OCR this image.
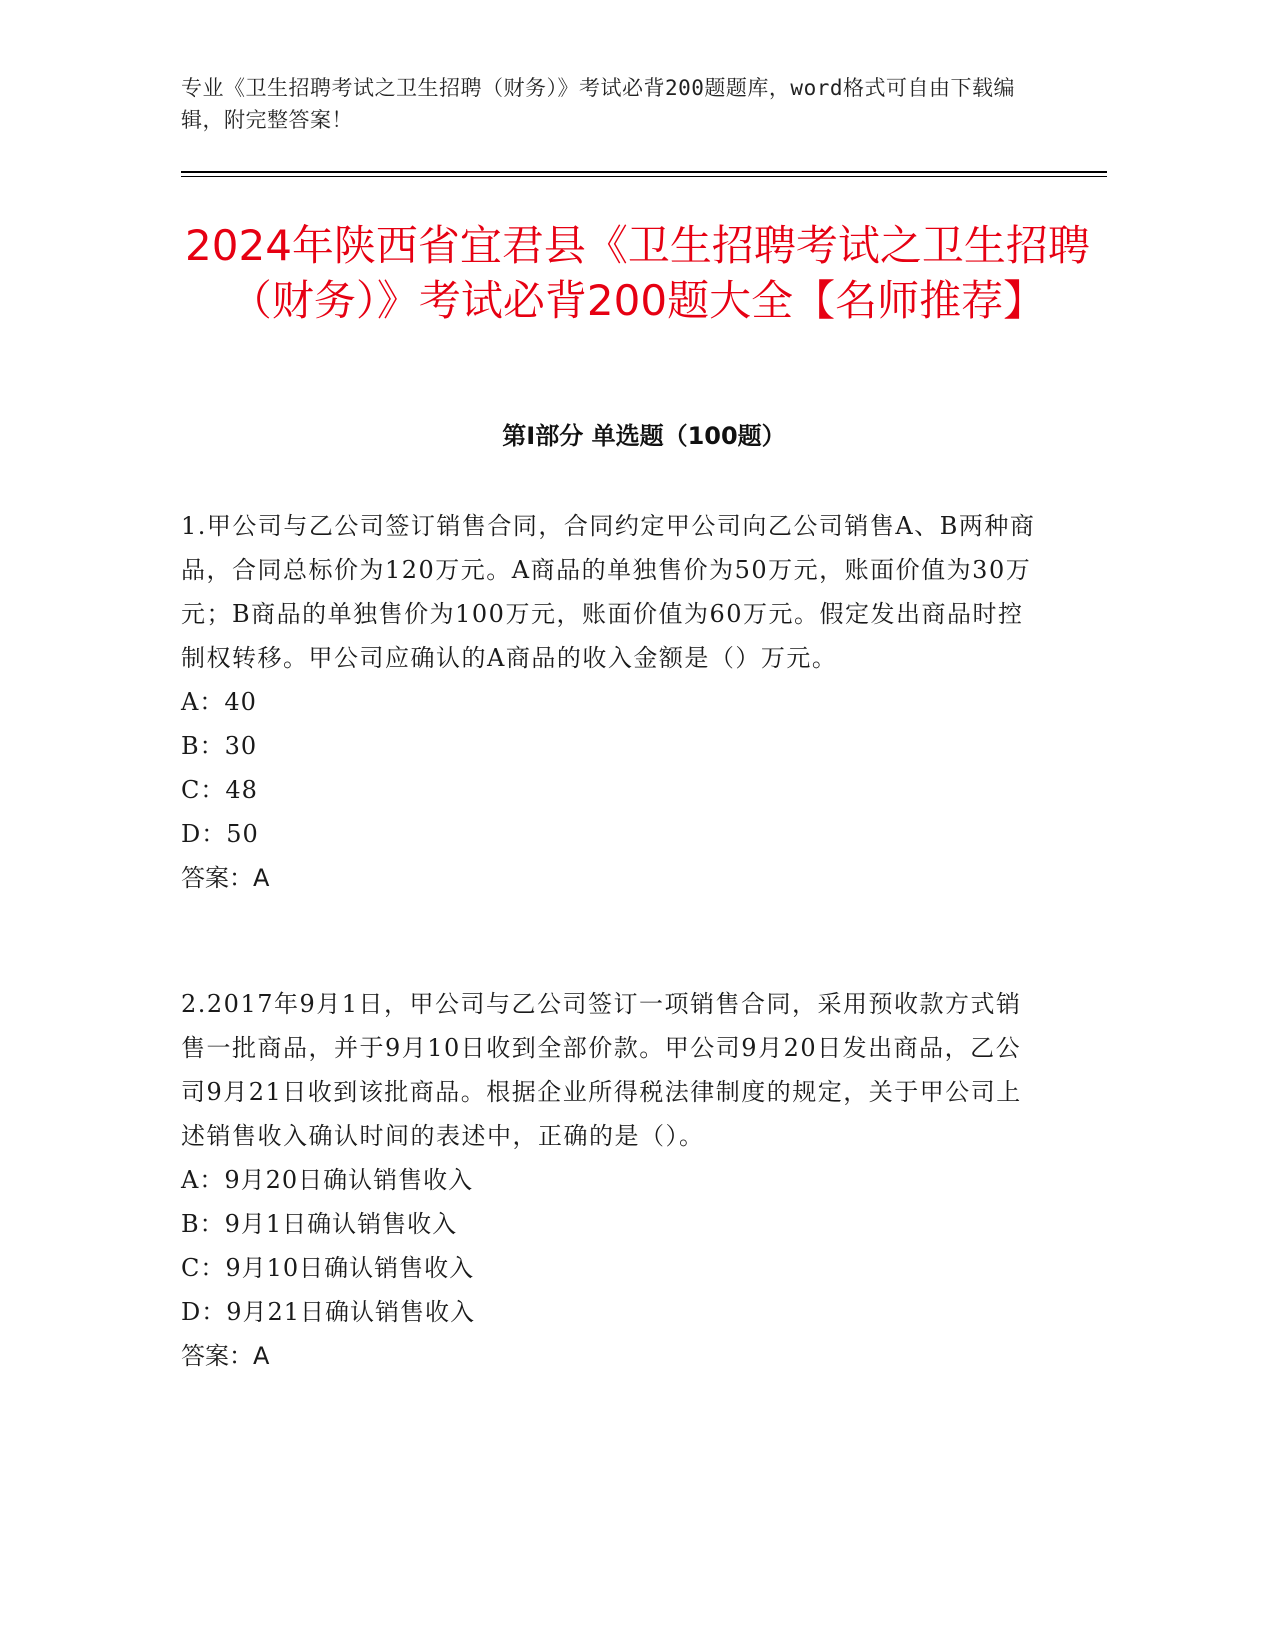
专业《卫生招聘考试之卫生招聘（财务）》考试必背200题题库，word格式可自由下载编辑，附完整答案！
2024年陕西省宜君县《卫生招聘考试之卫生招聘（财务）》考试必背200题大全【名师推荐】
第I部分 单选题（100题）

1.甲公司与乙公司签订销售合同，合同约定甲公司向乙公司销售A、B两种商品，合同总标价为120万元。A商品的单独售价为50万元，账面价值为30万元；B商品的单独售价为100万元，账面价值为60万元。假定发出商品时控制权转移。甲公司应确认的A商品的收入金额是（）万元。

A：40

B：30

C：48

D：50

答案：A

2.2017年9月1日，甲公司与乙公司签订一项销售合同，采用预收款方式销售一批商品，并于9月10日收到全部价款。甲公司9月20日发出商品，乙公司9月21日收到该批商品。根据企业所得税法律制度的规定，关于甲公司上述销售收入确认时间的表述中，正确的是（）。

A：9月20日确认销售收入

B：9月1日确认销售收入

C：9月10日确认销售收入

D：9月21日确认销售收入

答案：A
